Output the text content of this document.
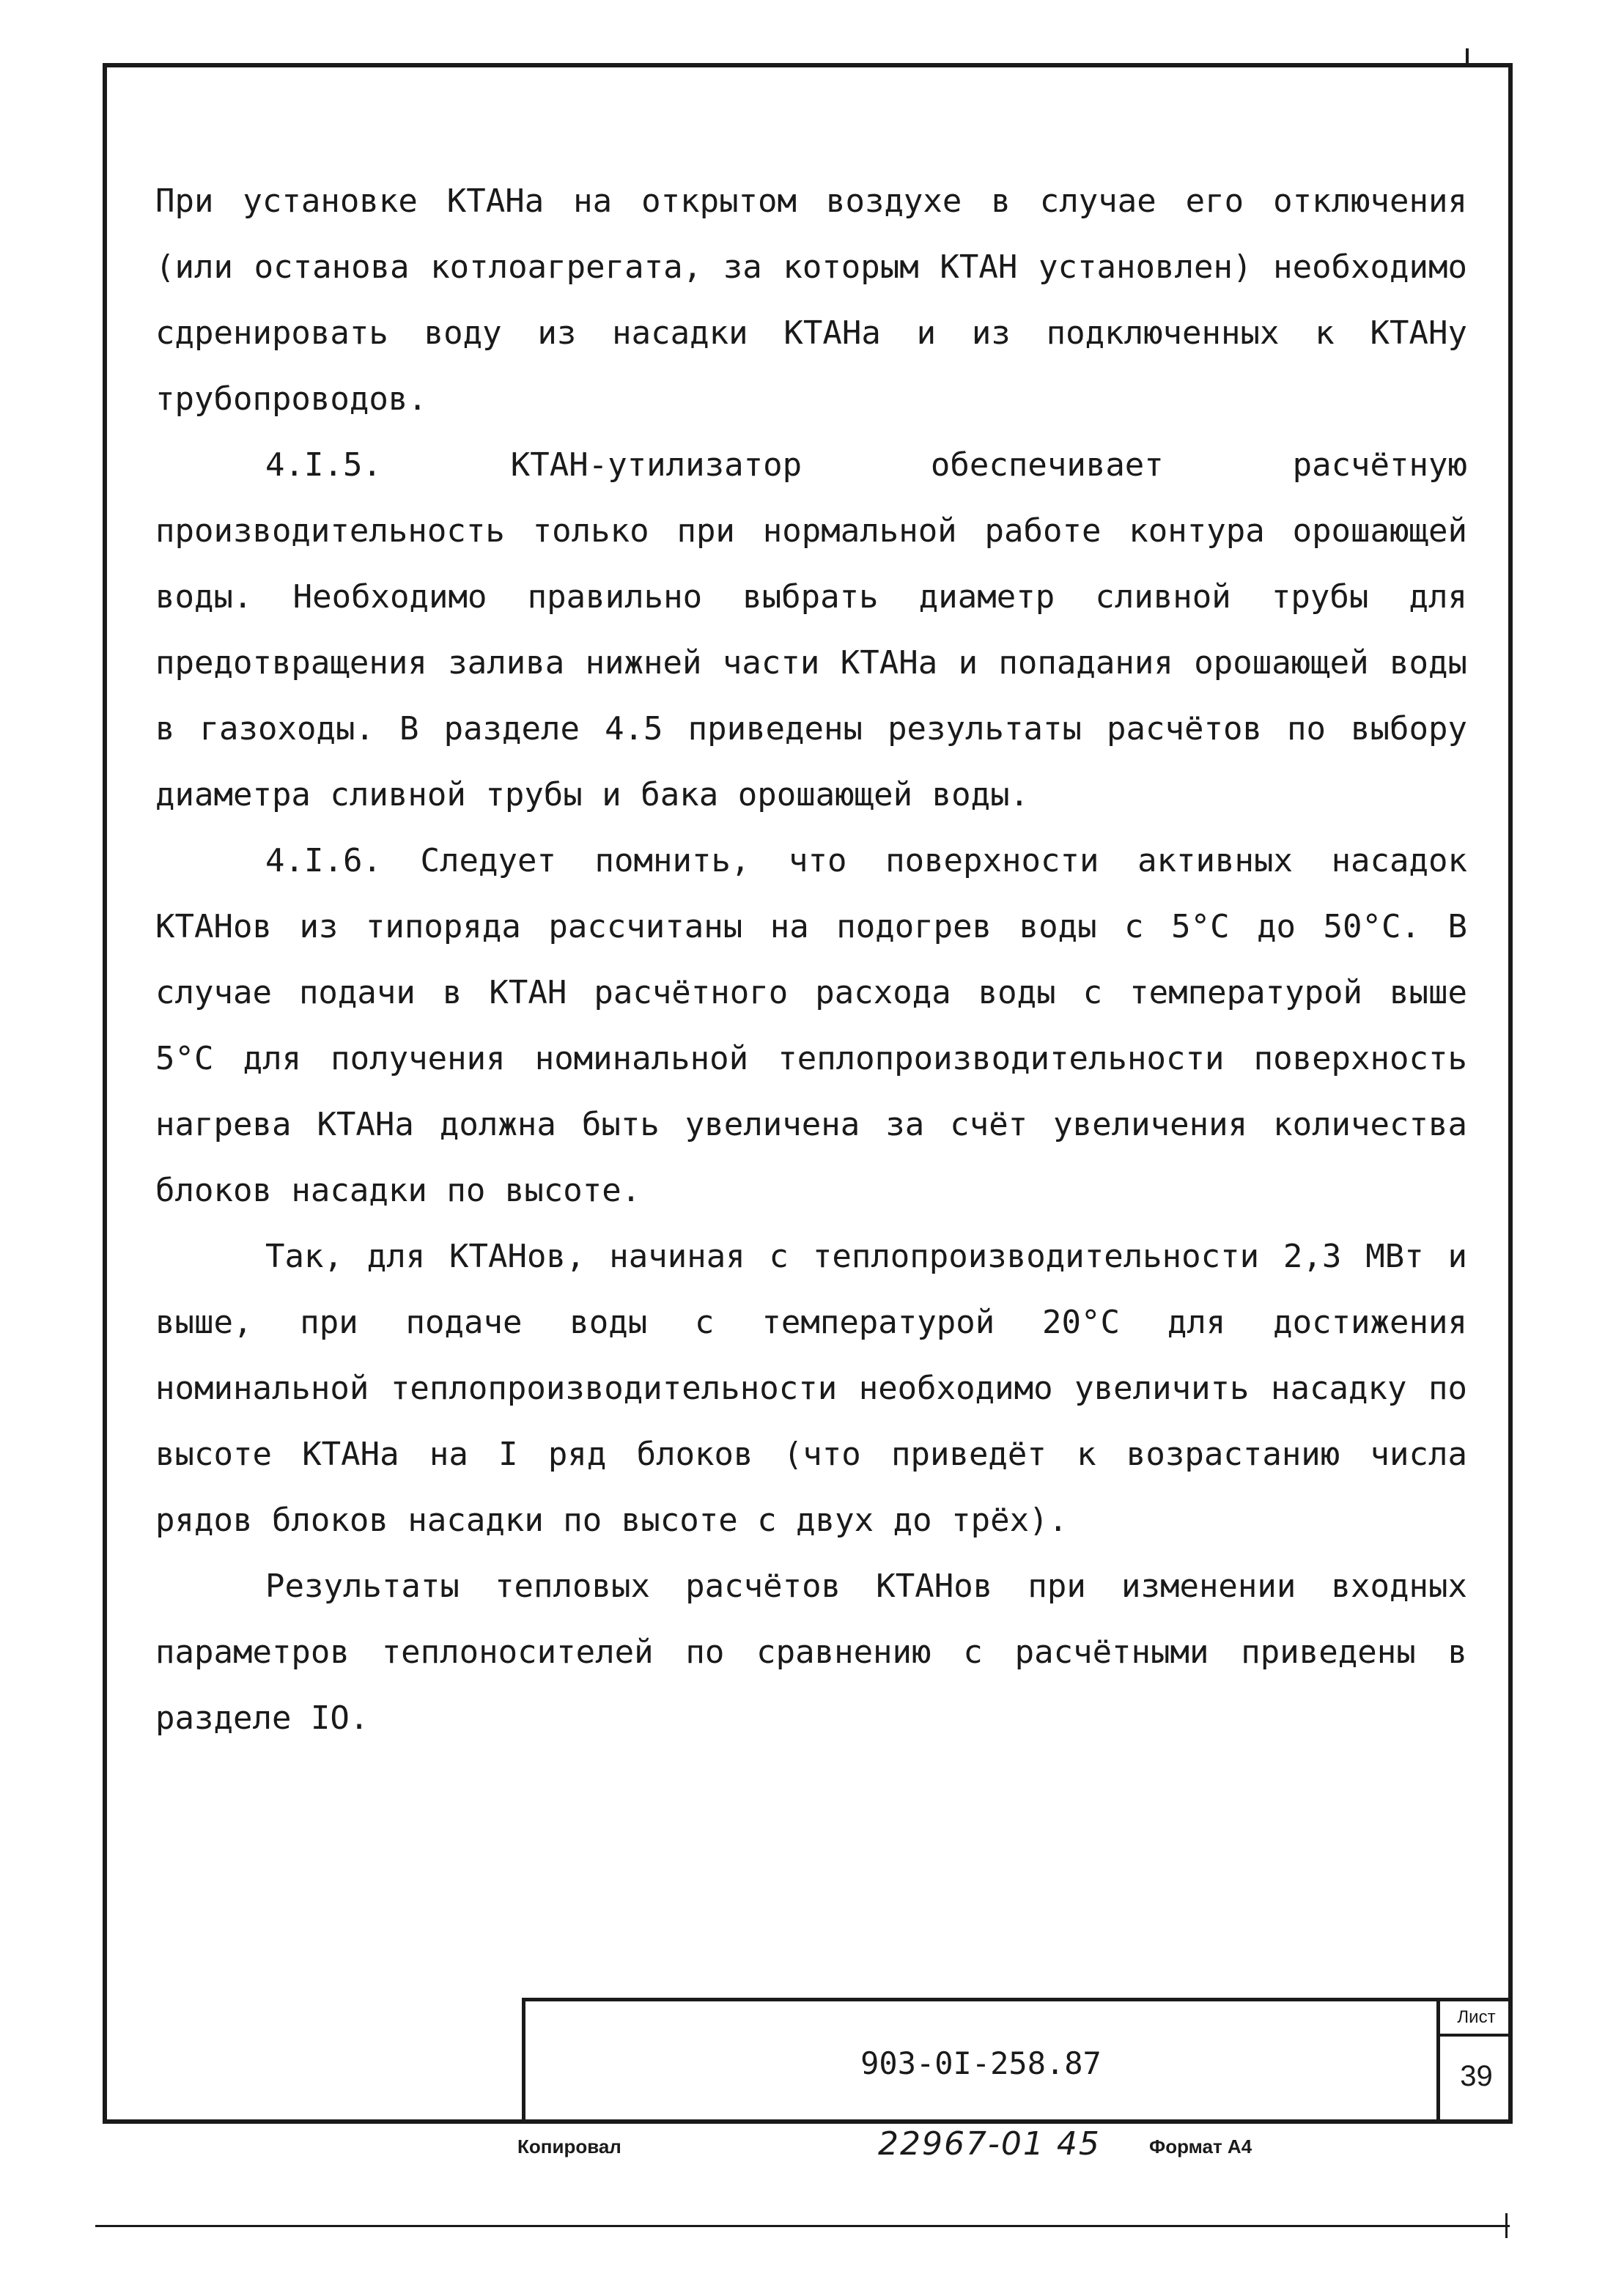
При установке КТАНа на открытом воздухе в случае его отключения (или останова котлоагрегата, за которым КТАН установлен) необходимо сдренировать воду из насадки КТАНа и из подключенных к КТАНу трубопроводов.

4.I.5. КТАН-утилизатор обеспечивает расчётную производительность только при нормальной работе контура орошающей воды. Необходимо правильно выбрать диаметр сливной трубы для предотвращения залива нижней части КТАНа и попадания орошающей воды в газоходы. В разделе 4.5 приведены результаты расчётов по выбору диаметра сливной трубы и бака орошающей воды.

4.I.6. Следует помнить, что поверхности активных насадок КТАНов из типоряда рассчитаны на подогрев воды с 5°С до 50°С. В случае подачи в КТАН расчётного расхода воды с температурой выше 5°С для получения номинальной теплопроизводительности поверхность нагрева КТАНа должна быть увеличена за счёт увеличения количества блоков насадки по высоте.

Так, для КТАНов, начиная с теплопроизводительности 2,3 МВт и выше, при подаче воды с температурой 20°С для достижения номинальной теплопроизводительности необходимо увеличить насадку по высоте КТАНа на I ряд блоков (что приведёт к возрастанию числа рядов блоков насадки по высоте с двух до трёх).

Результаты тепловых расчётов КТАНов при изменении входных параметров теплоносителей по сравнению с расчётными приведены в разделе IO.

903-0I-258.87
Лист
39
Копировал	22967-01 45	Формат А4
